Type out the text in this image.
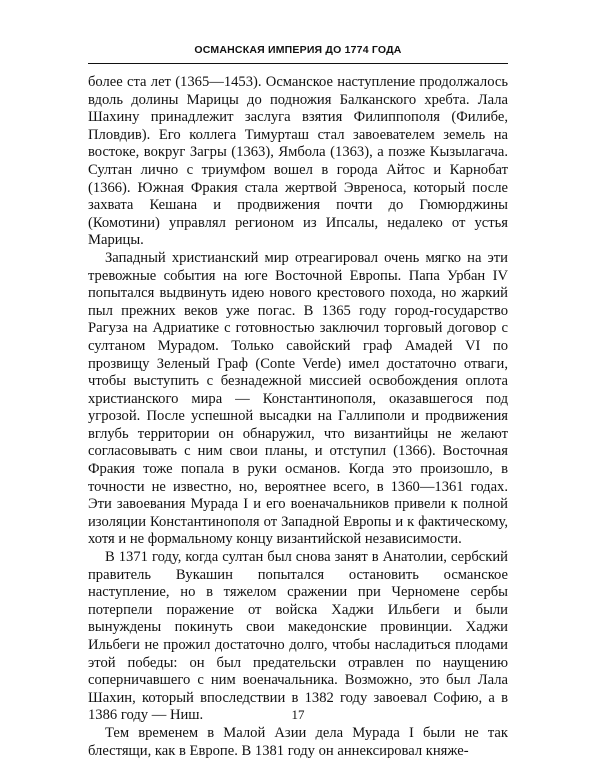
ОСМАНСКАЯ ИМПЕРИЯ ДО 1774 ГОДА

более ста лет (1365—1453). Османское наступление продолжалось вдоль долины Марицы до подножия Балканского хребта. Лала Шахину принадлежит заслуга взятия Филиппополя (Филибе, Пловдив). Его коллега Тимурташ стал завоевателем земель на востоке, вокруг Загры (1363), Ямбола (1363), а позже Кызылагача. Султан лично с триумфом вошел в города Айтос и Карнобат (1366). Южная Фракия стала жертвой Эвреноса, который после захвата Кешана и продвижения почти до Гюмюрджины (Комотини) управлял регионом из Ипсалы, недалеко от устья Марицы.

Западный христианский мир отреагировал очень мягко на эти тревожные события на юге Восточной Европы. Папа Урбан IV попытался выдвинуть идею нового крестового похода, но жаркий пыл прежних веков уже погас. В 1365 году город-государство Рагуза на Адриатике с готовностью заключил торговый договор с султаном Мурадом. Только савойский граф Амадей VI по прозвищу Зеленый Граф (Conte Verde) имел достаточно отваги, чтобы выступить с безнадежной миссией освобождения оплота христианского мира — Константинополя, оказавшегося под угрозой. После успешной высадки на Галлиполи и продвижения вглубь территории он обнаружил, что византийцы не желают согласовывать с ним свои планы, и отступил (1366). Восточная Фракия тоже попала в руки османов. Когда это произошло, в точности не известно, но, вероятнее всего, в 1360—1361 годах. Эти завоевания Мурада I и его военачальников привели к полной изоляции Константинополя от Западной Европы и к фактическому, хотя и не формальному концу византийской независимости.

В 1371 году, когда султан был снова занят в Анатолии, сербский правитель Вукашин попытался остановить османское наступление, но в тяжелом сражении при Черномене сербы потерпели поражение от войска Хаджи Ильбеги и были вынуждены покинуть свои македонские провинции. Хаджи Ильбеги не прожил достаточно долго, чтобы насладиться плодами этой победы: он был предательски отравлен по наущению соперничавшего с ним военачальника. Возможно, это был Лала Шахин, который впоследствии в 1382 году завоевал Софию, а в 1386 году — Ниш.

Тем временем в Малой Азии дела Мурада I были не так блестящи, как в Европе. В 1381 году он аннексировал княже-

17
